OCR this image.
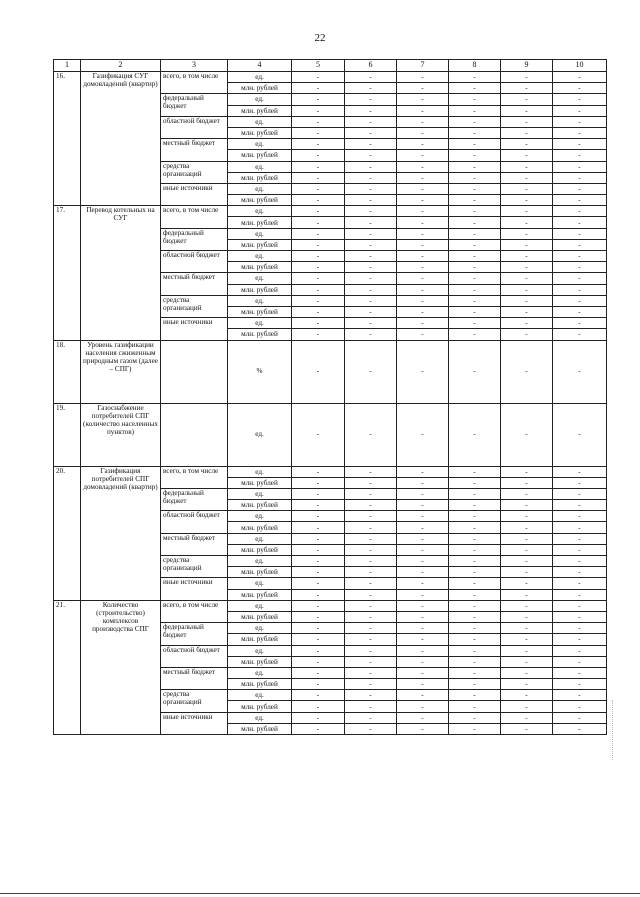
22
1	2	3	4	5	6	7	8	9	10
16.	Газификация СУГ домовладений (квартир)	всего, в том числе	ед.	-	-	-	-	-	-
			млн. рублей	-	-	-	-	-	-
		федеральный бюджет	ед.	-	-	-	-	-	-
			млн. рублей	-	-	-	-	-	-
		областной бюджет	ед.	-	-	-	-	-	-
			млн. рублей	-	-	-	-	-	-
		местный бюджет	ед.	-	-	-	-	-	-
			млн. рублей	-	-	-	-	-	-
		средства организаций	ед.	-	-	-	-	-	-
			млн. рублей	-	-	-	-	-	-
		иные источники	ед.	-	-	-	-	-	-
			млн. рублей	-	-	-	-	-	-
17.	Перевод котельных на СУГ	всего, в том числе	ед.	-	-	-	-	-	-
			млн. рублей	-	-	-	-	-	-
		федеральный бюджет	ед.	-	-	-	-	-	-
			млн. рублей	-	-	-	-	-	-
		областной бюджет	ед.	-	-	-	-	-	-
			млн. рублей	-	-	-	-	-	-
		местный бюджет	ед.	-	-	-	-	-	-
			млн. рублей	-	-	-	-	-	-
		средства организаций	ед.	-	-	-	-	-	-
			млн. рублей	-	-	-	-	-	-
		иные источники	ед.	-	-	-	-	-	-
			млн. рублей	-	-	-	-	-	-
18.	Уровень газификации населения сжиженным природным газом (далее – СПГ)		%	-	-	-	-	-	-
19.	Газоснабжение потребителей СПГ (количество населенных пунктов)		ед.	-	-	-	-	-	-
20.	Газификация потребителей СПГ домовладений (квартир)	всего, в том числе	ед.	-	-	-	-	-	-
			млн. рублей	-	-	-	-	-	-
		федеральный бюджет	ед.	-	-	-	-	-	-
			млн. рублей	-	-	-	-	-	-
		областной бюджет	ед.	-	-	-	-	-	-
			млн. рублей	-	-	-	-	-	-
		местный бюджет	ед.	-	-	-	-	-	-
			млн. рублей	-	-	-	-	-	-
		средства организаций	ед.	-	-	-	-	-	-
			млн. рублей	-	-	-	-	-	-
		иные источники	ед.	-	-	-	-	-	-
			млн. рублей	-	-	-	-	-	-
21.	Количество (строительство) комплексов производства СПГ	всего, в том числе	ед.	-	-	-	-	-	-
			млн. рублей	-	-	-	-	-	-
		федеральный бюджет	ед.	-	-	-	-	-	-
			млн. рублей	-	-	-	-	-	-
		областной бюджет	ед.	-	-	-	-	-	-
			млн. рублей	-	-	-	-	-	-
		местный бюджет	ед.	-	-	-	-	-	-
			млн. рублей	-	-	-	-	-	-
		средства организаций	ед.	-	-	-	-	-	-
			млн. рублей	-	-	-	-	-	-
		иные источники	ед.	-	-	-	-	-	-
			млн. рублей	-	-	-	-	-	-
